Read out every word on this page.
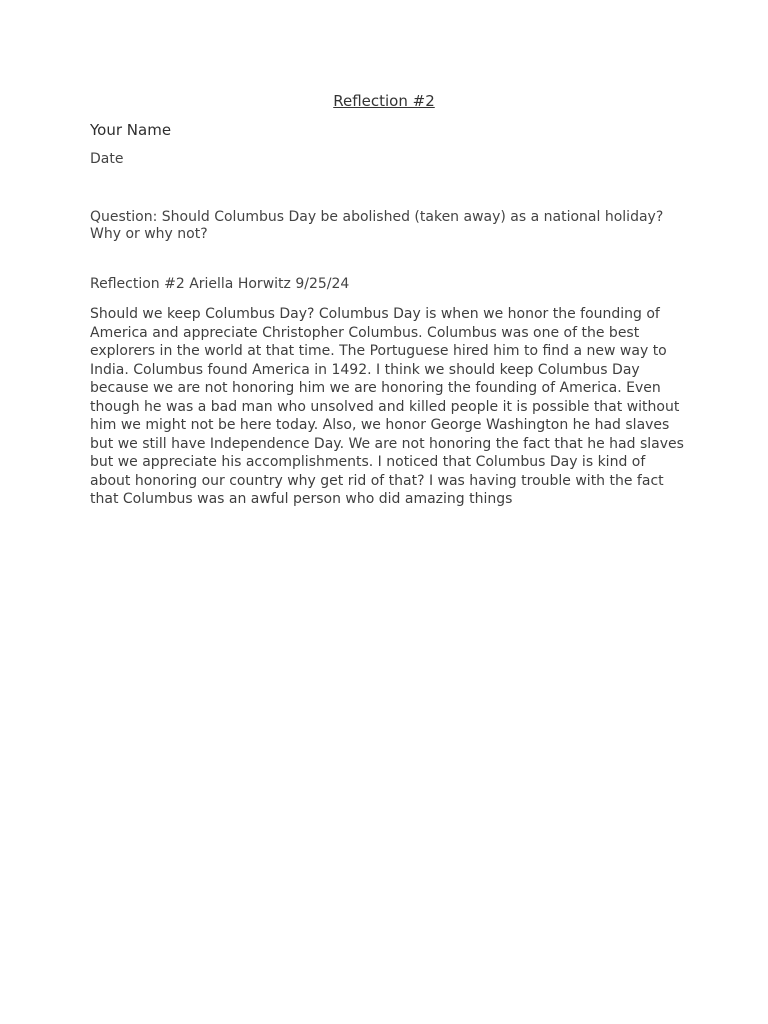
Reflection #2
Your Name
Date
Question: Should Columbus Day be abolished (taken away) as a national holiday? Why or why not?
Reflection #2 Ariella Horwitz 9/25/24
Should we keep Columbus Day? Columbus Day is when we honor the founding of America and appreciate Christopher Columbus. Columbus was one of the best explorers in the world at that time. The Portuguese hired him to find a new way to India. Columbus found America in 1492. I think we should keep Columbus Day because we are not honoring him we are honoring the founding of America. Even though he was a bad man who unsolved and killed people it is possible that without him we might not be here today. Also, we honor George Washington he had slaves but we still have Independence Day. We are not honoring the fact that he had slaves but we appreciate his accomplishments. I noticed that Columbus Day is kind of about honoring our country why get rid of that? I was having trouble with the fact that Columbus was an awful person who did amazing things
